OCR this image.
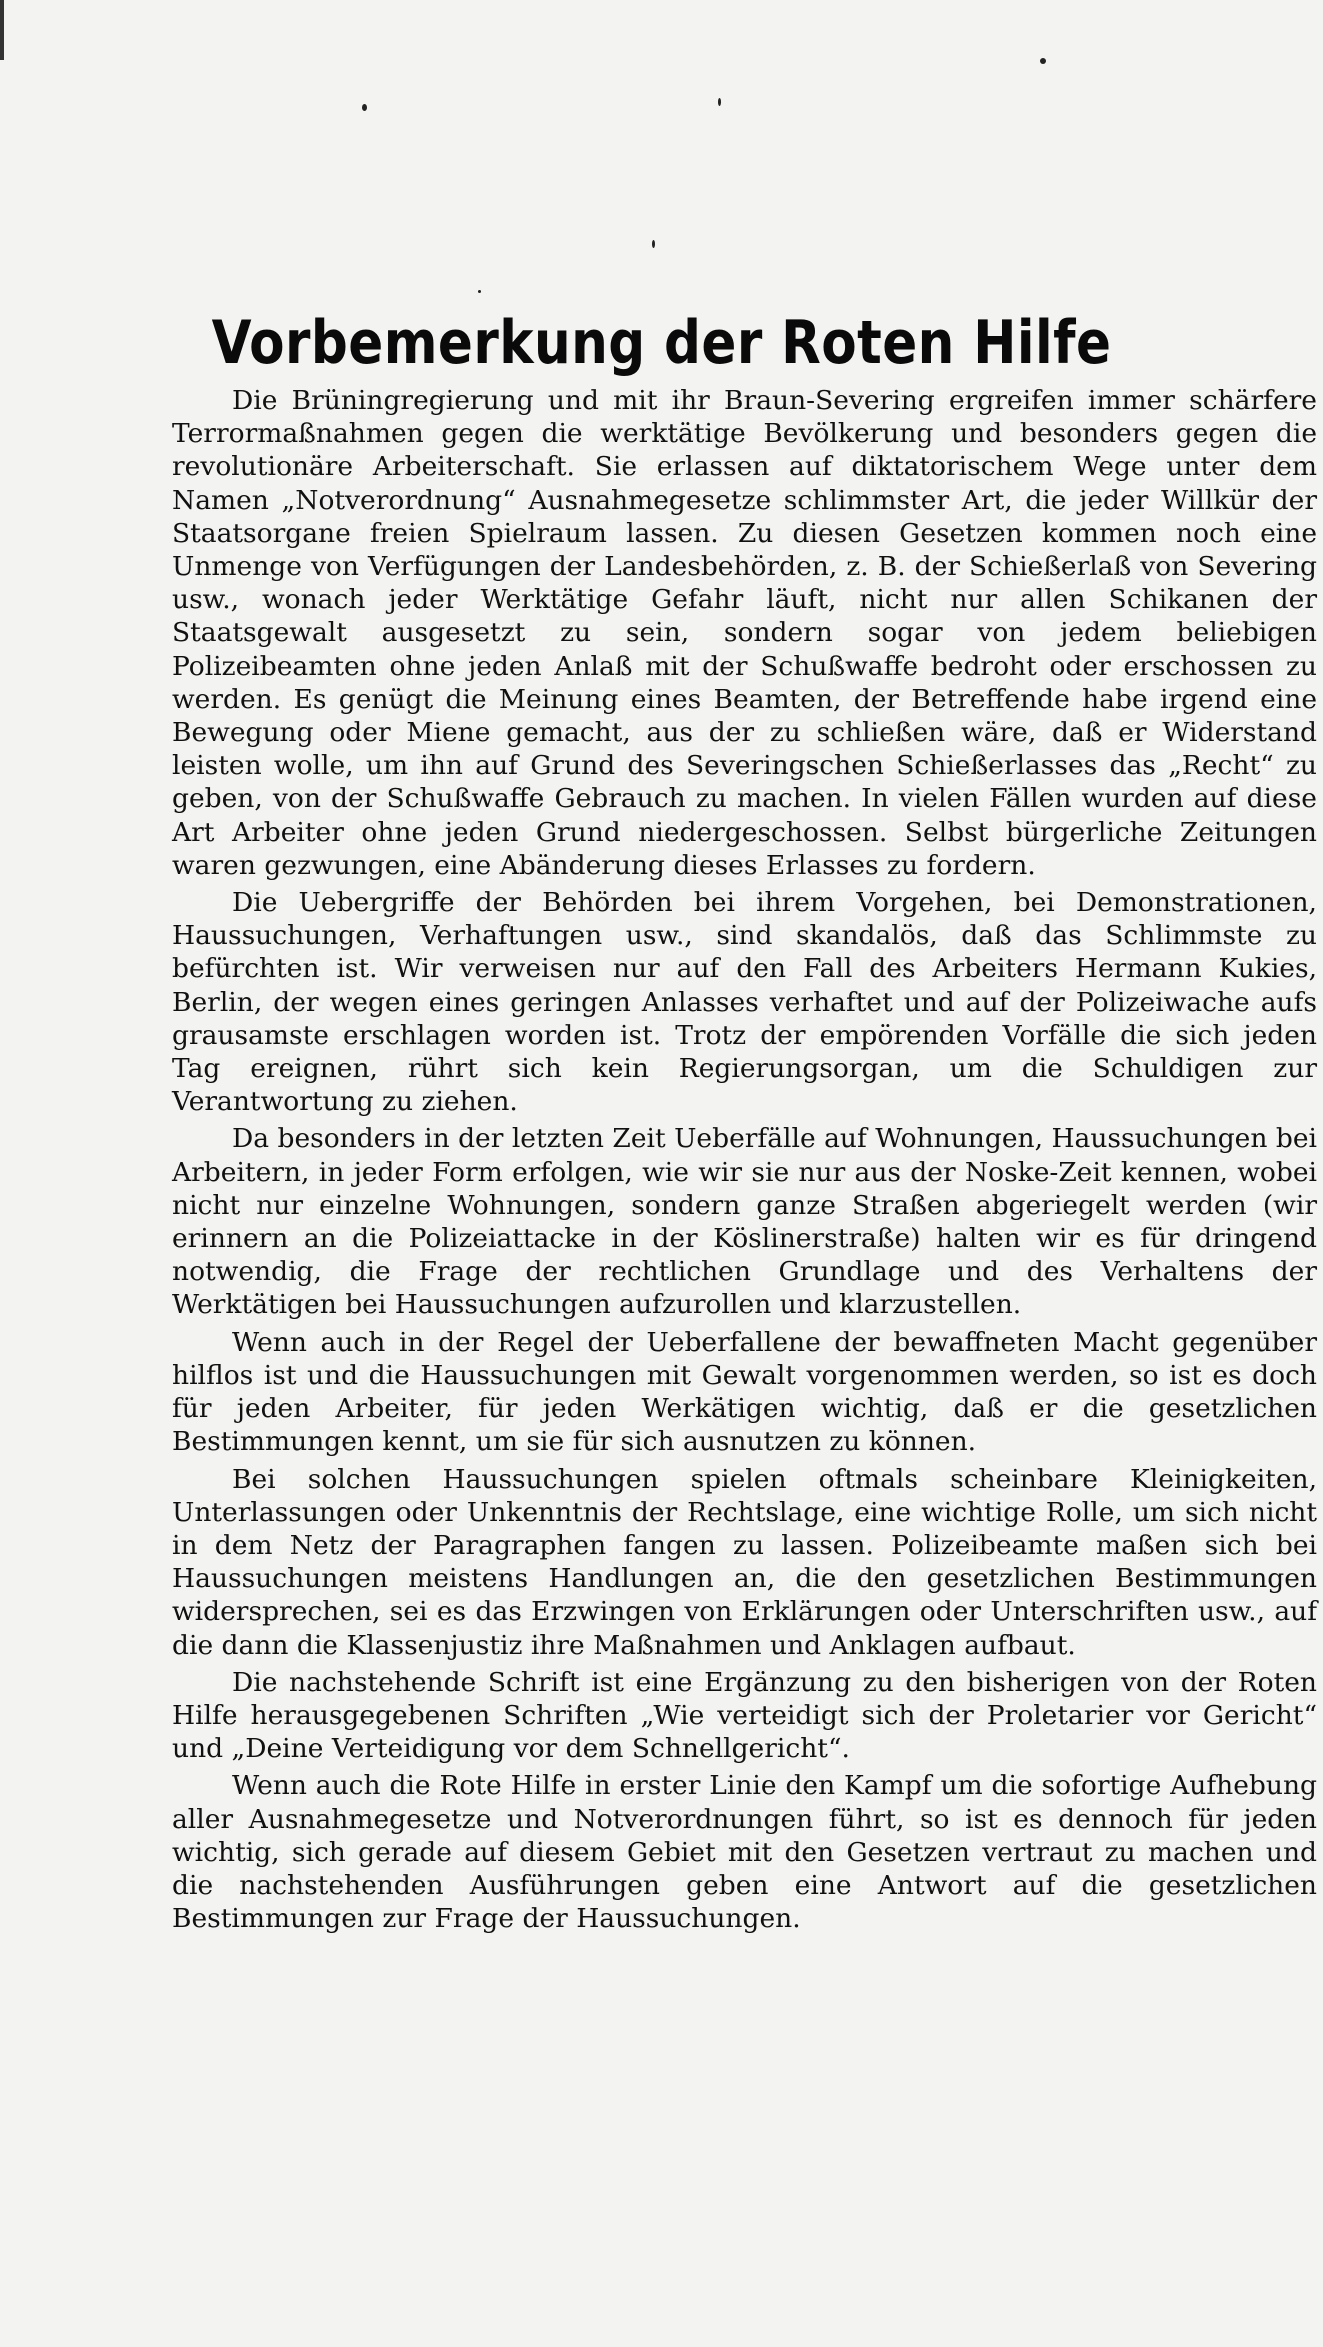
Vorbemerkung der Roten Hilfe

Die Brüningregierung und mit ihr Braun-Severing ergreifen immer schärfere Terrormaßnahmen gegen die werktätige Bevölkerung und besonders gegen die revolutionäre Arbeiterschaft. Sie erlassen auf diktatorischem Wege unter dem Namen „Notverordnung“ Ausnahmegesetze schlimmster Art, die jeder Willkür der Staatsorgane freien Spielraum lassen. Zu diesen Gesetzen kommen noch eine Unmenge von Verfügungen der Landesbehörden, z. B. der Schießerlaß von Severing usw., wonach jeder Werktätige Gefahr läuft, nicht nur allen Schikanen der Staatsgewalt ausgesetzt zu sein, sondern sogar von jedem beliebigen Polizeibeamten ohne jeden Anlaß mit der Schußwaffe bedroht oder erschossen zu werden. Es genügt die Meinung eines Beamten, der Betreffende habe irgend eine Bewegung oder Miene gemacht, aus der zu schließen wäre, daß er Widerstand leisten wolle, um ihn auf Grund des Severingschen Schießerlasses das „Recht“ zu geben, von der Schußwaffe Gebrauch zu machen. In vielen Fällen wurden auf diese Art Arbeiter ohne jeden Grund niedergeschossen. Selbst bürgerliche Zeitungen waren gezwungen, eine Abänderung dieses Erlasses zu fordern.

Die Uebergriffe der Behörden bei ihrem Vorgehen, bei Demonstrationen, Haussuchungen, Verhaftungen usw., sind skandalös, daß das Schlimmste zu befürchten ist. Wir verweisen nur auf den Fall des Arbeiters Hermann Kukies, Berlin, der wegen eines geringen Anlasses verhaftet und auf der Polizeiwache aufs grausamste erschlagen worden ist. Trotz der empörenden Vorfälle die sich jeden Tag ereignen, rührt sich kein Regierungsorgan, um die Schuldigen zur Verantwortung zu ziehen.

Da besonders in der letzten Zeit Ueberfälle auf Wohnungen, Haussuchungen bei Arbeitern, in jeder Form erfolgen, wie wir sie nur aus der Noske-Zeit kennen, wobei nicht nur einzelne Wohnungen, sondern ganze Straßen abgeriegelt werden (wir erinnern an die Polizeiattacke in der Köslinerstraße) halten wir es für dringend notwendig, die Frage der rechtlichen Grundlage und des Verhaltens der Werktätigen bei Haussuchungen aufzurollen und klarzustellen.

Wenn auch in der Regel der Ueberfallene der bewaffneten Macht gegenüber hilflos ist und die Haussuchungen mit Gewalt vorgenommen werden, so ist es doch für jeden Arbeiter, für jeden Werkätigen wichtig, daß er die gesetzlichen Bestimmungen kennt, um sie für sich ausnutzen zu können.

Bei solchen Haussuchungen spielen oftmals scheinbare Kleinigkeiten, Unterlassungen oder Unkenntnis der Rechtslage, eine wichtige Rolle, um sich nicht in dem Netz der Paragraphen fangen zu lassen. Polizeibeamte maßen sich bei Haussuchungen meistens Handlungen an, die den gesetzlichen Bestimmungen widersprechen, sei es das Erzwingen von Erklärungen oder Unterschriften usw., auf die dann die Klassenjustiz ihre Maßnahmen und Anklagen aufbaut.

Die nachstehende Schrift ist eine Ergänzung zu den bisherigen von der Roten Hilfe herausgegebenen Schriften „Wie verteidigt sich der Proletarier vor Gericht“ und „Deine Verteidigung vor dem Schnellgericht“.

Wenn auch die Rote Hilfe in erster Linie den Kampf um die sofortige Aufhebung aller Ausnahmegesetze und Notverordnungen führt, so ist es dennoch für jeden wichtig, sich gerade auf diesem Gebiet mit den Gesetzen vertraut zu machen und die nachstehenden Ausführungen geben eine Antwort auf die gesetzlichen Bestimmungen zur Frage der Haussuchungen.
